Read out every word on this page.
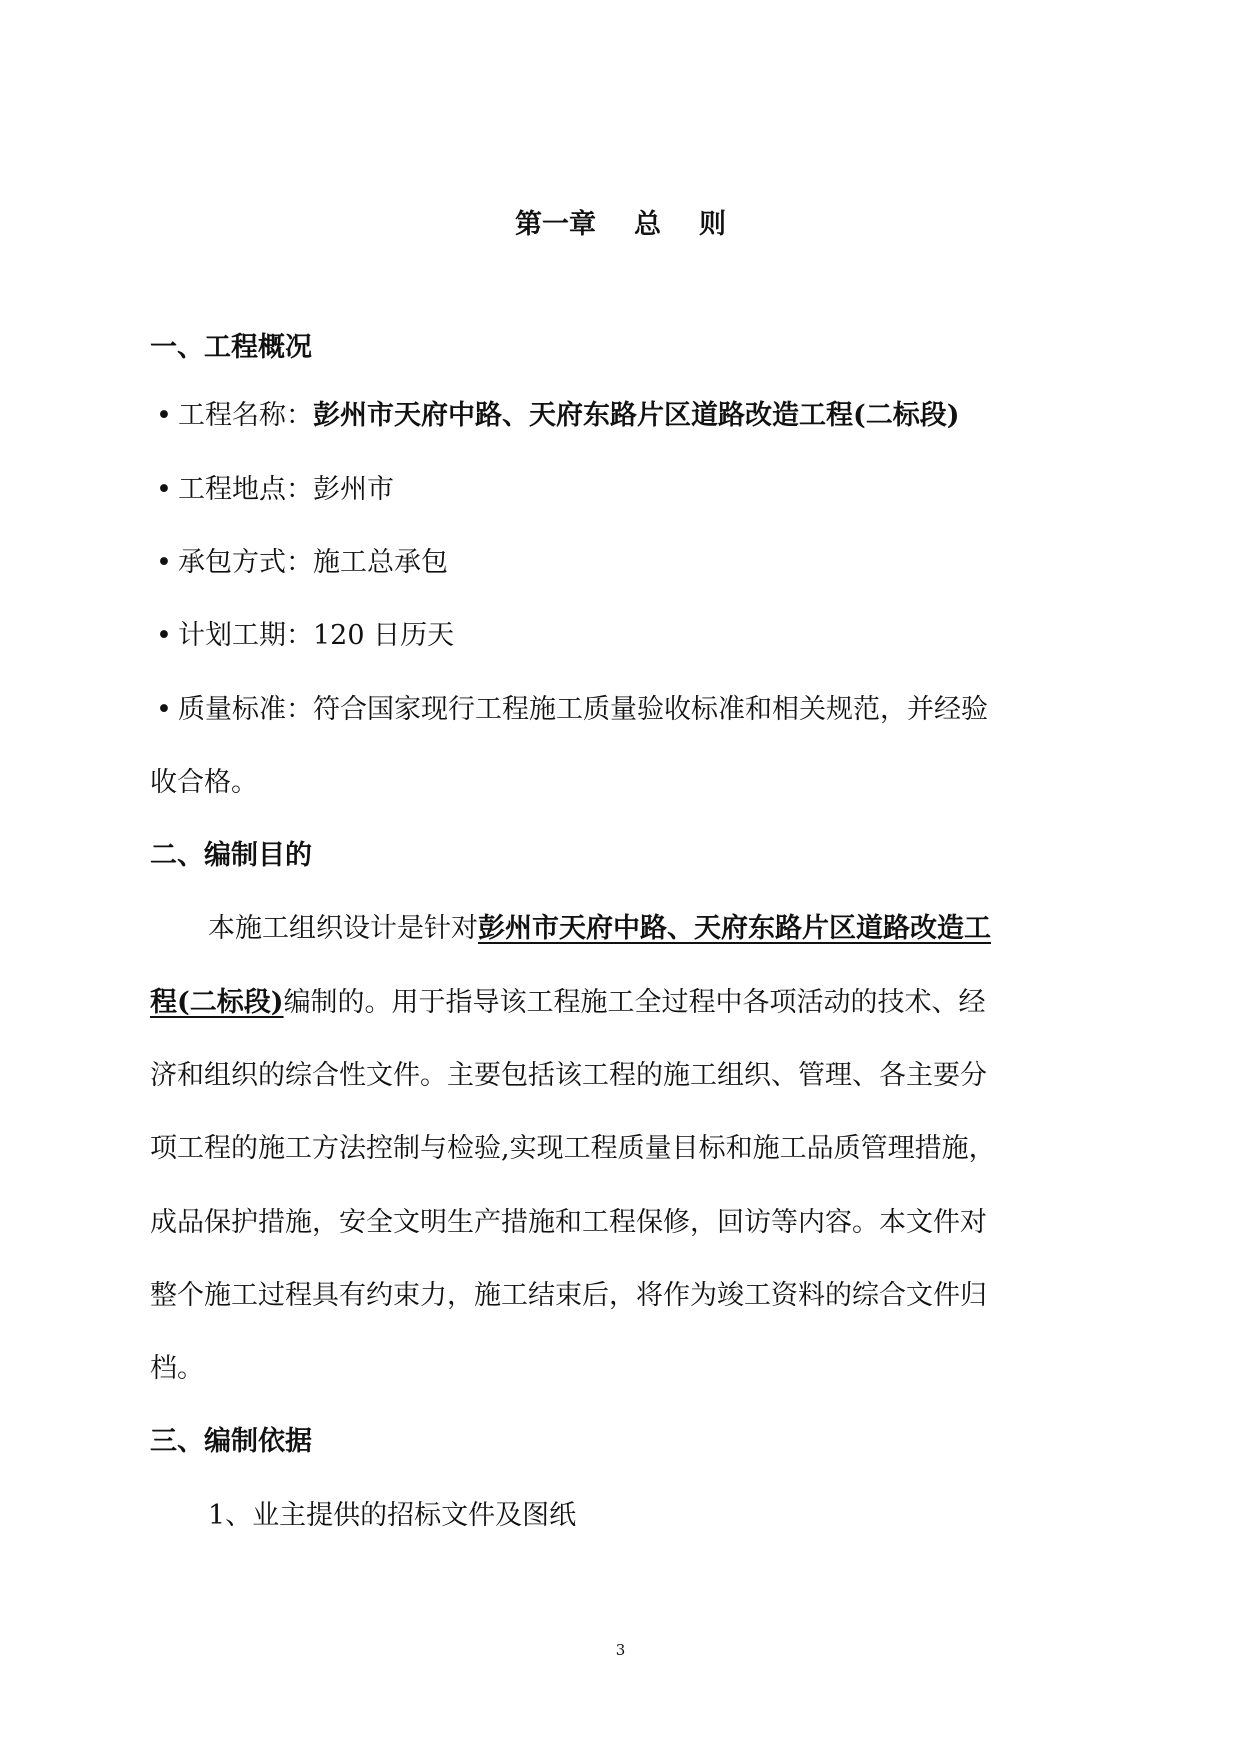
第一章 总 则
一、工程概况
• 工程名称：彭州市天府中路、天府东路片区道路改造工程(二标段)
• 工程地点：彭州市
• 承包方式：施工总承包
• 计划工期：120 日历天
• 质量标准：符合国家现行工程施工质量验收标准和相关规范，并经验
收合格。
二、编制目的
本施工组织设计是针对彭州市天府中路、天府东路片区道路改造工
程(二标段)编制的。用于指导该工程施工全过程中各项活动的技术、经
济和组织的综合性文件。主要包括该工程的施工组织、管理、各主要分
项工程的施工方法控制与检验,实现工程质量目标和施工品质管理措施，
成品保护措施，安全文明生产措施和工程保修，回访等内容。本文件对
整个施工过程具有约束力，施工结束后，将作为竣工资料的综合文件归
档。
三、编制依据
1、业主提供的招标文件及图纸
3
